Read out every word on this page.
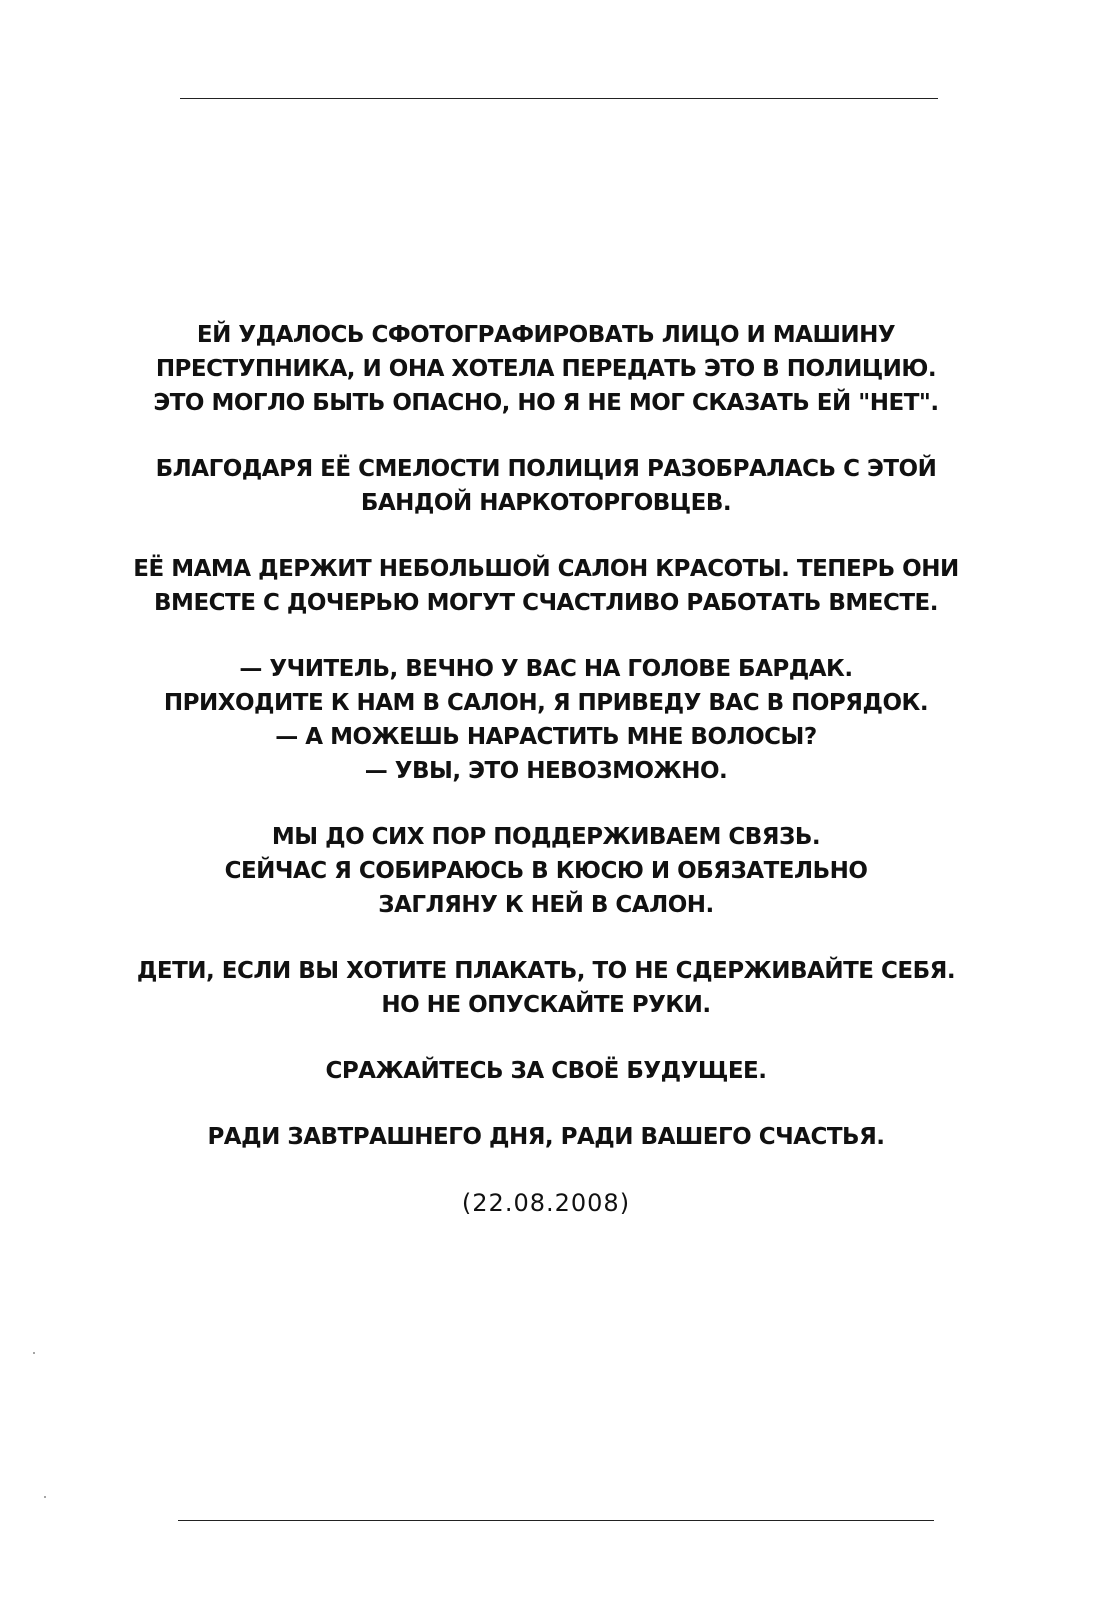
ЕЙ УДАЛОСЬ СФОТОГРАФИРОВАТЬ ЛИЦО И МАШИНУ
ПРЕСТУПНИКА, И ОНА ХОТЕЛА ПЕРЕДАТЬ ЭТО В ПОЛИЦИЮ.
ЭТО МОГЛО БЫТЬ ОПАСНО, НО Я НЕ МОГ СКАЗАТЬ ЕЙ "НЕТ".
БЛАГОДАРЯ ЕЁ СМЕЛОСТИ ПОЛИЦИЯ РАЗОБРАЛАСЬ С ЭТОЙ
БАНДОЙ НАРКОТОРГОВЦЕВ.
ЕЁ МАМА ДЕРЖИТ НЕБОЛЬШОЙ САЛОН КРАСОТЫ. ТЕПЕРЬ ОНИ
ВМЕСТЕ С ДОЧЕРЬЮ МОГУТ СЧАСТЛИВО РАБОТАТЬ ВМЕСТЕ.
— УЧИТЕЛЬ, ВЕЧНО У ВАС НА ГОЛОВЕ БАРДАК.
ПРИХОДИТЕ К НАМ В САЛОН, Я ПРИВЕДУ ВАС В ПОРЯДОК.
— А МОЖЕШЬ НАРАСТИТЬ МНЕ ВОЛОСЫ?
— УВЫ, ЭТО НЕВОЗМОЖНО.
МЫ ДО СИХ ПОР ПОДДЕРЖИВАЕМ СВЯЗЬ.
СЕЙЧАС Я СОБИРАЮСЬ В КЮСЮ И ОБЯЗАТЕЛЬНО
ЗАГЛЯНУ К НЕЙ В САЛОН.
ДЕТИ, ЕСЛИ ВЫ ХОТИТЕ ПЛАКАТЬ, ТО НЕ СДЕРЖИВАЙТЕ СЕБЯ.
НО НЕ ОПУСКАЙТЕ РУКИ.
СРАЖАЙТЕСЬ ЗА СВОЁ БУДУЩЕЕ.
РАДИ ЗАВТРАШНЕГО ДНЯ, РАДИ ВАШЕГО СЧАСТЬЯ.
(22.08.2008)
